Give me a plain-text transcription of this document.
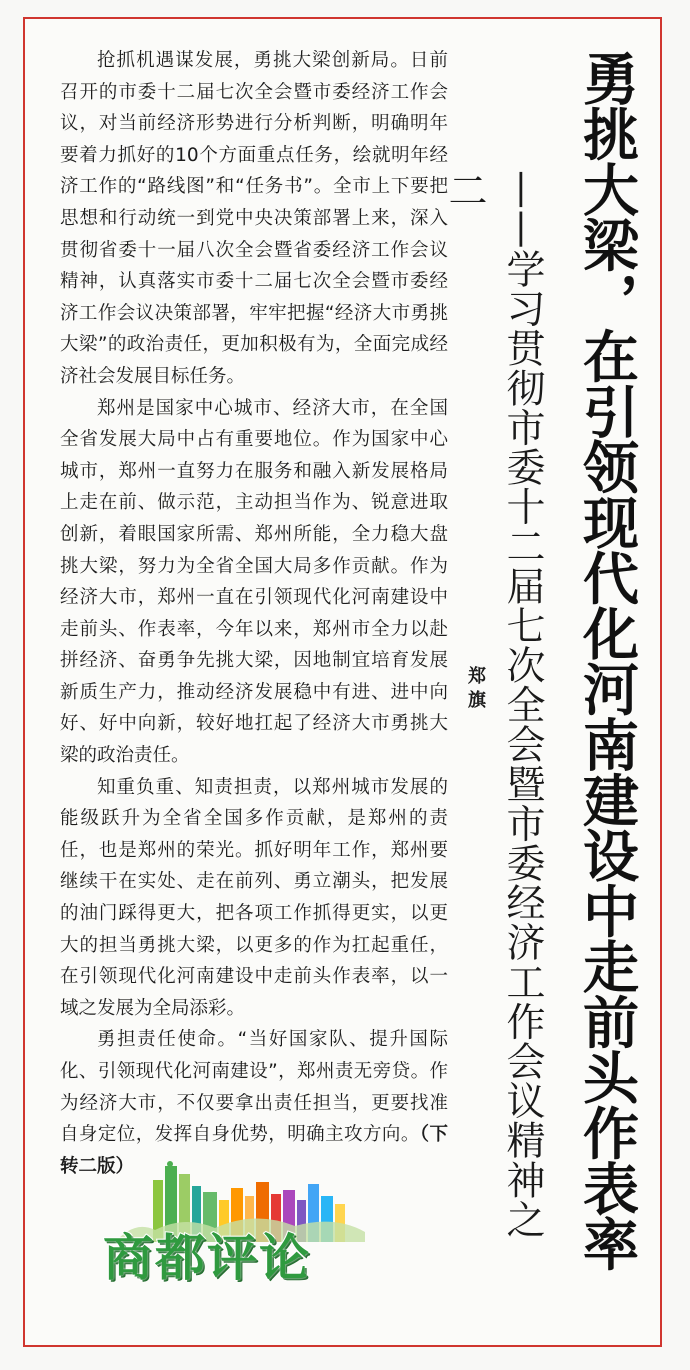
抢抓机遇谋发展，勇挑大梁创新局。日前召开的市委十二届七次全会暨市委经济工作会议，对当前经济形势进行分析判断，明确明年要着力抓好的10个方面重点任务，绘就明年经济工作的“路线图”和“任务书”。全市上下要把思想和行动统一到党中央决策部署上来，深入贯彻省委十一届八次全会暨省委经济工作会议精神，认真落实市委十二届七次全会暨市委经济工作会议决策部署，牢牢把握“经济大市勇挑大梁”的政治责任，更加积极有为，全面完成经济社会发展目标任务。

郑州是国家中心城市、经济大市，在全国全省发展大局中占有重要地位。作为国家中心城市，郑州一直努力在服务和融入新发展格局上走在前、做示范，主动担当作为、锐意进取创新，着眼国家所需、郑州所能，全力稳大盘挑大梁，努力为全省全国大局多作贡献。作为经济大市，郑州一直在引领现代化河南建设中走前头、作表率，今年以来，郑州市全力以赴拼经济、奋勇争先挑大梁，因地制宜培育发展新质生产力，推动经济发展稳中有进、进中向好、好中向新，较好地扛起了经济大市勇挑大梁的政治责任。

知重负重、知责担责，以郑州城市发展的能级跃升为全省全国多作贡献，是郑州的责任，也是郑州的荣光。抓好明年工作，郑州要继续干在实处、走在前列、勇立潮头，把发展的油门踩得更大，把各项工作抓得更实，以更大的担当勇挑大梁，以更多的作为扛起重任，在引领现代化河南建设中走前头作表率，以一域之发展为全局添彩。

勇担责任使命。“当好国家队、提升国际化、引领现代化河南建设”，郑州责无旁贷。作为经济大市，不仅要拿出责任担当，更要找准自身定位，发挥自身优势，明确主攻方向。（下转二版）	勇挑大梁，在引领现代化河南建设中走前头作表率
——学习贯彻市委十二届七次全会暨市委经济工作会议精神之二
郑旗
商都评论
